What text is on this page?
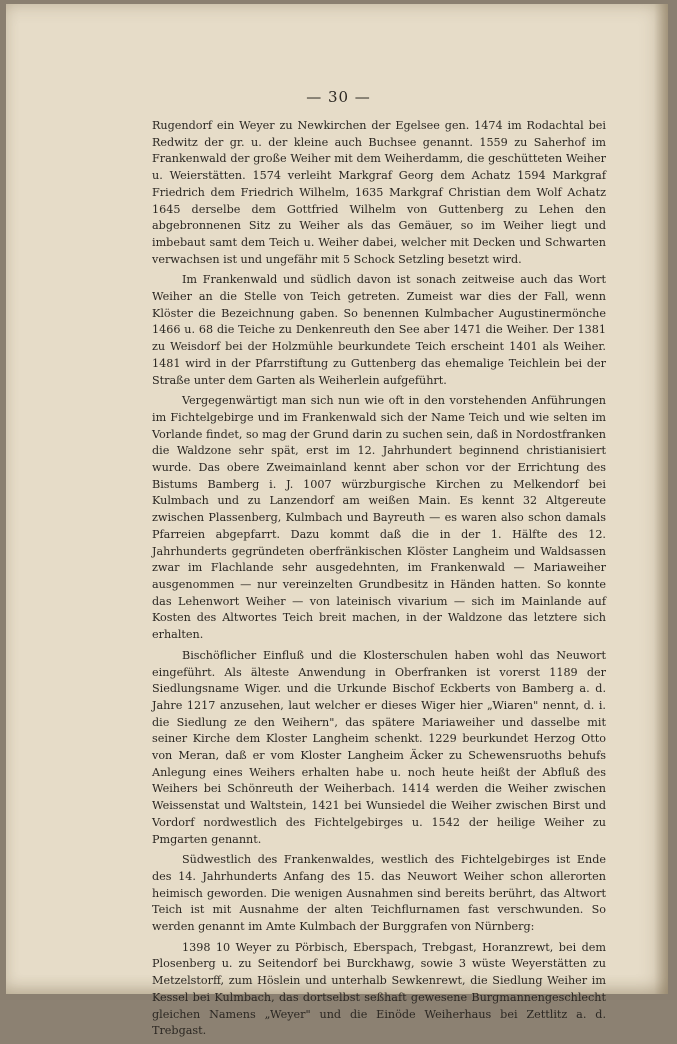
— 30 —

Rugendorf ein Weyer zu Newkirchen der Egelsee gen. 1474 im Rodachtal bei Redwitz der gr. u. der kleine auch Buchsee genannt. 1559 zu Saherhof im Frankenwald der große Weiher mit dem Weiherdamm, die geschütteten Weiher u. Weierstätten. 1574 verleiht Markgraf Georg dem Achatz 1594 Markgraf Friedrich dem Friedrich Wilhelm, 1635 Markgraf Christian dem Wolf Achatz 1645 derselbe dem Gottfried Wilhelm von Guttenberg zu Lehen den abgebronnenen Sitz zu Weiher als das Gemäuer, so im Weiher liegt und imbebaut samt dem Teich u. Weiher dabei, welcher mit Decken und Schwarten verwachsen ist und ungefähr mit 5 Schock Setzling besetzt wird.

Im Frankenwald und südlich davon ist sonach zeitweise auch das Wort Weiher an die Stelle von Teich getreten. Zumeist war dies der Fall, wenn Klöster die Bezeichnung gaben. So benennen Kulmbacher Augustinermönche 1466 u. 68 die Teiche zu Denkenreuth den See aber 1471 die Weiher. Der 1381 zu Weisdorf bei der Holzmühle beurkundete Teich erscheint 1401 als Weiher. 1481 wird in der Pfarrstiftung zu Guttenberg das ehemalige Teichlein bei der Straße unter dem Garten als Weiherlein aufgeführt.

Vergegenwärtigt man sich nun wie oft in den vorstehenden Anführungen im Fichtelgebirge und im Frankenwald sich der Name Teich und wie selten im Vorlande findet, so mag der Grund darin zu suchen sein, daß in Nordostfranken die Waldzone sehr spät, erst im 12. Jahrhundert beginnend christianisiert wurde. Das obere Zweimainland kennt aber schon vor der Errichtung des Bistums Bamberg i. J. 1007 würzburgische Kirchen zu Melkendorf bei Kulmbach und zu Lanzendorf am weißen Main. Es kennt 32 Altgereute zwischen Plassenberg, Kulmbach und Bayreuth — es waren also schon damals Pfarreien abgepfarrt. Dazu kommt daß die in der 1. Hälfte des 12. Jahrhunderts gegründeten oberfränkischen Klöster Langheim und Waldsassen zwar im Flachlande sehr ausgedehnten, im Frankenwald — Mariaweiher ausgenommen — nur vereinzelten Grundbesitz in Händen hatten. So konnte das Lehenwort Weiher — von lateinisch vivarium — sich im Mainlande auf Kosten des Altwortes Teich breit machen, in der Waldzone das letztere sich erhalten.

Bischöflicher Einfluß und die Klosterschulen haben wohl das Neuwort eingeführt. Als älteste Anwendung in Oberfranken ist vorerst 1189 der Siedlungsname Wiger. und die Urkunde Bischof Eckberts von Bamberg a. d. Jahre 1217 anzusehen, laut welcher er dieses Wiger hier „Wiaren" nennt, d. i. die Siedlung ze den Weihern", das spätere Mariaweiher und dasselbe mit seiner Kirche dem Kloster Langheim schenkt. 1229 beurkundet Herzog Otto von Meran, daß er vom Kloster Langheim Äcker zu Schewensruoths behufs Anlegung eines Weihers erhalten habe u. noch heute heißt der Abfluß des Weihers bei Schönreuth der Weiherbach. 1414 werden die Weiher zwischen Weissenstat und Waltstein, 1421 bei Wunsiedel die Weiher zwischen Birst und Vordorf nordwestlich des Fichtelgebirges u. 1542 der heilige Weiher zu Pmgarten genannt.

Südwestlich des Frankenwaldes, westlich des Fichtelgebirges ist Ende des 14. Jahrhunderts Anfang des 15. das Neuwort Weiher schon allerorten heimisch geworden. Die wenigen Ausnahmen sind bereits berührt, das Altwort Teich ist mit Ausnahme der alten Teichflurnamen fast verschwunden. So werden genannt im Amte Kulmbach der Burggrafen von Nürnberg:

1398 10 Weyer zu Pörbisch, Eberspach, Trebgast, Horanzrewt, bei dem Plosenberg u. zu Seitendorf bei Burckhawg, sowie 3 wüste Weyerstätten zu Metzelstorff, zum Höslein und unterhalb Sewkenrewt, die Siedlung Weiher im Kessel bei Kulmbach, das dortselbst seßhaft gewesene Burgmannengeschlecht gleichen Namens „Weyer" und die Einöde Weiherhaus bei Zettlitz a. d. Trebgast.
